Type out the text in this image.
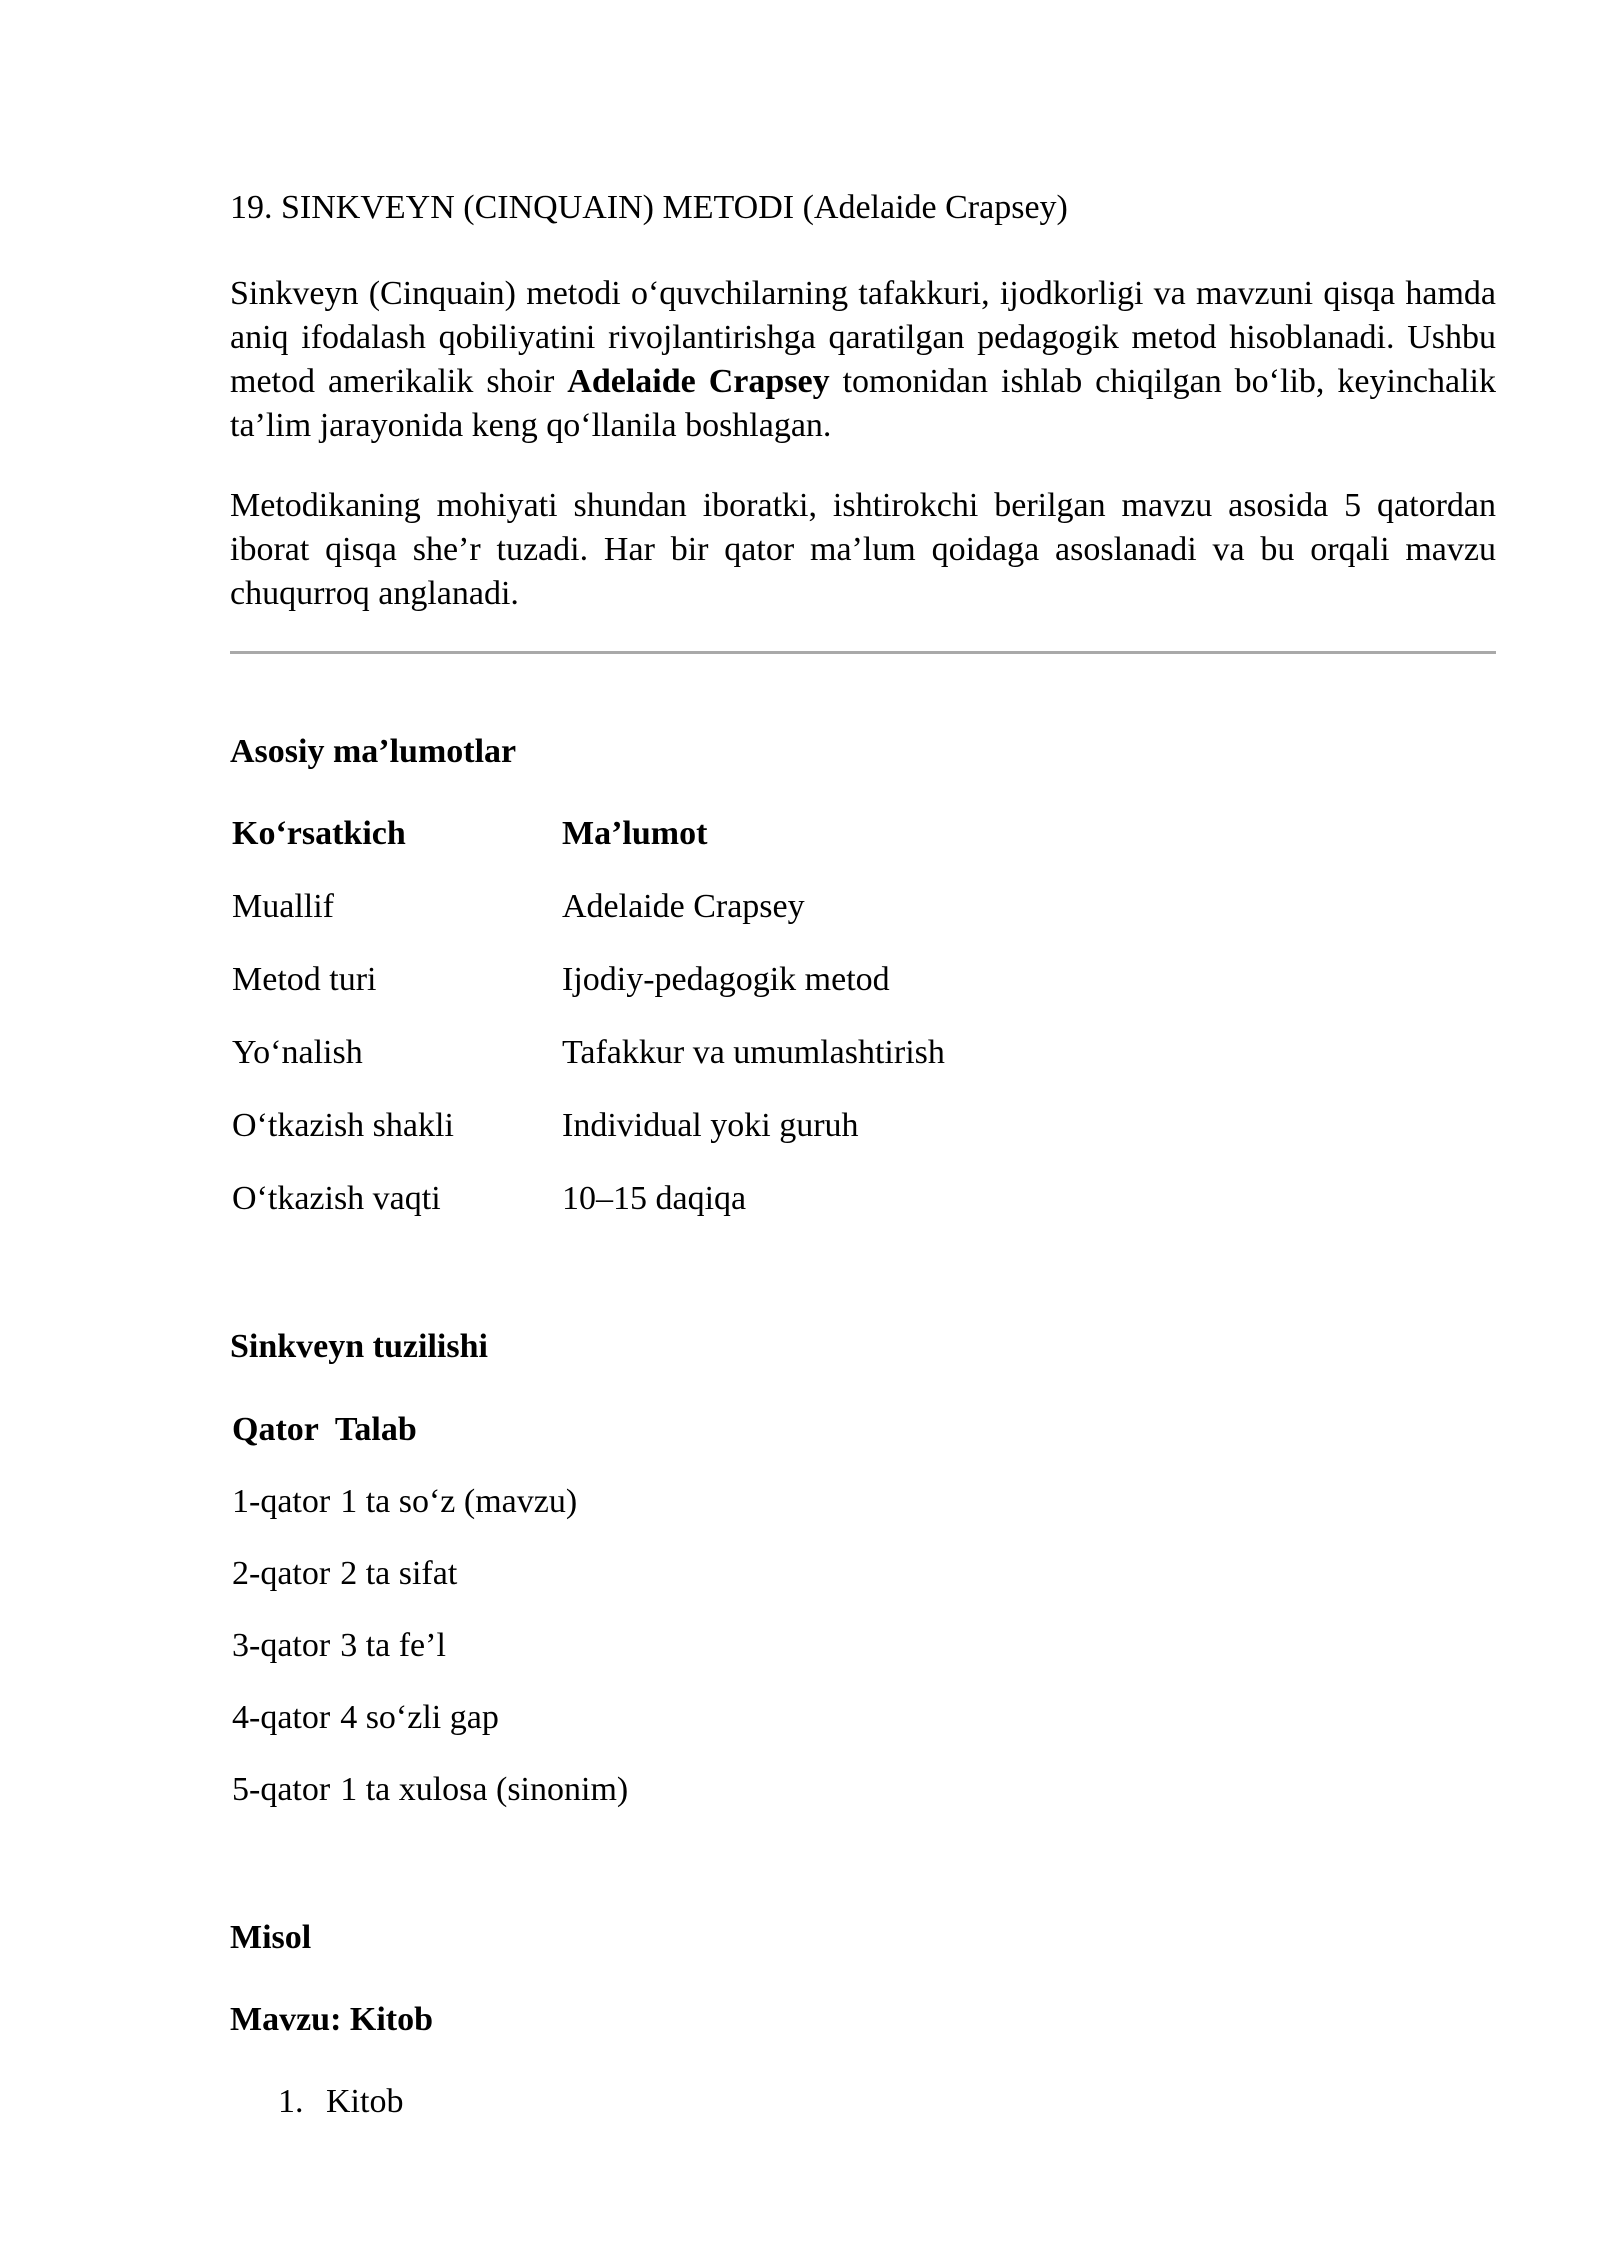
19. SINKVEYN (CINQUAIN) METODI (Adelaide Crapsey)

Sinkveyn (Cinquain) metodi o‘quvchilarning tafakkuri, ijodkorligi va mavzuni qisqa hamda aniq ifodalash qobiliyatini rivojlantirishga qaratilgan pedagogik metod hisoblanadi. Ushbu metod amerikalik shoir Adelaide Crapsey tomonidan ishlab chiqilgan bo‘lib, keyinchalik ta’lim jarayonida keng qo‘llanila boshlagan.

Metodikaning mohiyati shundan iboratki, ishtirokchi berilgan mavzu asosida 5 qatordan iborat qisqa she’r tuzadi. Har bir qator ma’lum qoidaga asoslanadi va bu orqali mavzu chuqurroq anglanadi.

Asosiy ma’lumotlar
Ko‘rsatkich	Ma’lumot
Muallif	Adelaide Crapsey
Metod turi	Ijodiy-pedagogik metod
Yo‘nalish	Tafakkur va umumlashtirish
O‘tkazish shakli	Individual yoki guruh
O‘tkazish vaqti	10–15 daqiqa
Sinkveyn tuzilishi
Qator Talab
1-qator 1 ta so‘z (mavzu)
2-qator 2 ta sifat
3-qator 3 ta fe’l
4-qator 4 so‘zli gap
5-qator 1 ta xulosa (sinonim)
Misol
Mavzu: Kitob
1. Kitob
